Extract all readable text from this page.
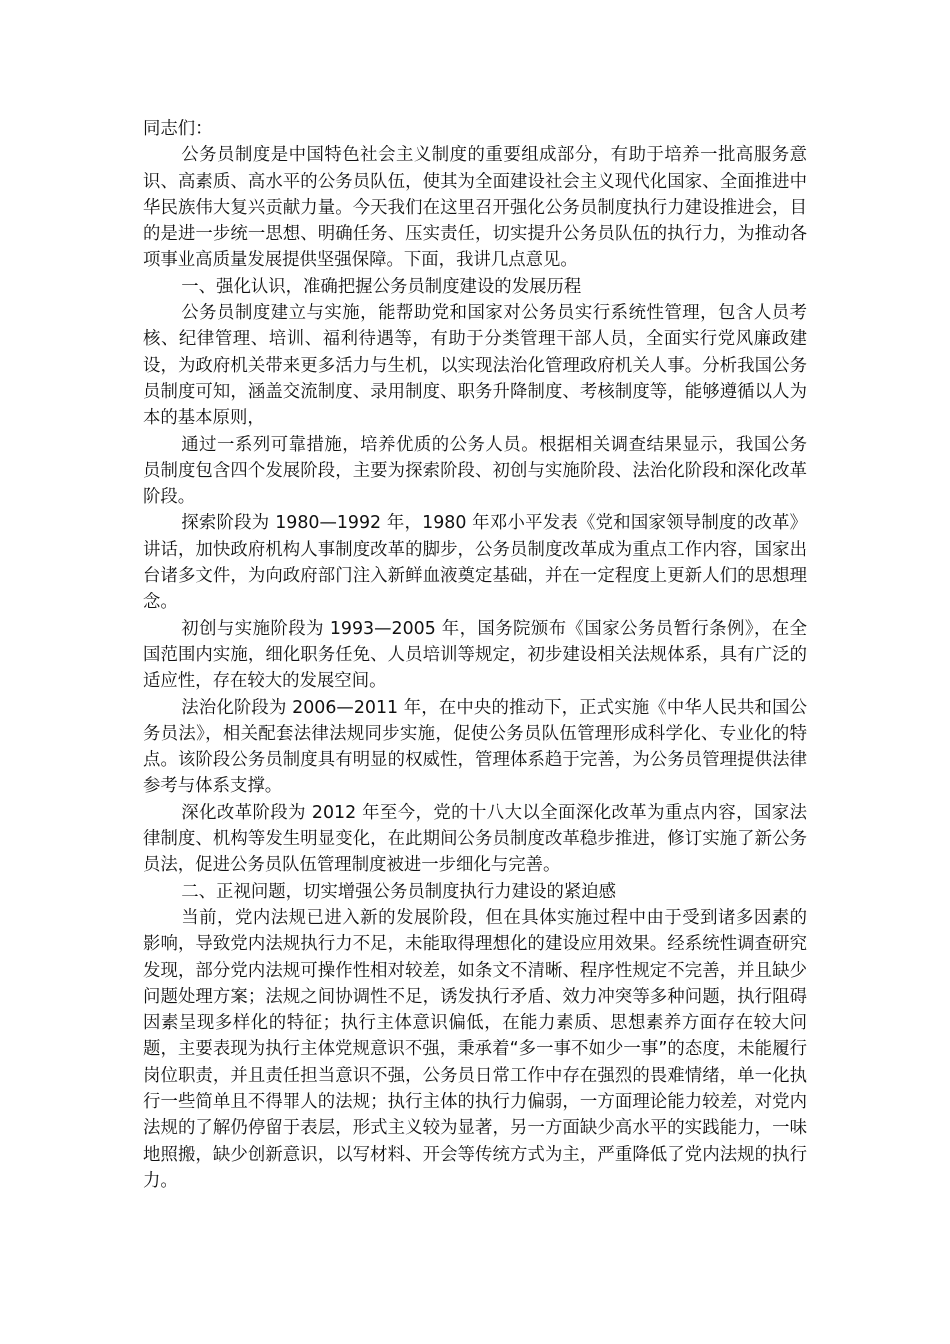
同志们：

公务员制度是中国特色社会主义制度的重要组成部分，有助于培养一批高服务意识、高素质、高水平的公务员队伍，使其为全面建设社会主义现代化国家、全面推进中华民族伟大复兴贡献力量。今天我们在这里召开强化公务员制度执行力建设推进会，目的是进一步统一思想、明确任务、压实责任，切实提升公务员队伍的执行力，为推动各项事业高质量发展提供坚强保障。下面，我讲几点意见。

一、强化认识，准确把握公务员制度建设的发展历程

公务员制度建立与实施，能帮助党和国家对公务员实行系统性管理，包含人员考核、纪律管理、培训、福利待遇等，有助于分类管理干部人员，全面实行党风廉政建设，为政府机关带来更多活力与生机，以实现法治化管理政府机关人事。分析我国公务员制度可知，涵盖交流制度、录用制度、职务升降制度、考核制度等，能够遵循以人为本的基本原则，

通过一系列可靠措施，培养优质的公务人员。根据相关调查结果显示，我国公务员制度包含四个发展阶段，主要为探索阶段、初创与实施阶段、法治化阶段和深化改革阶段。

探索阶段为 1980—1992 年，1980 年邓小平发表《党和国家领导制度的改革》讲话，加快政府机构人事制度改革的脚步，公务员制度改革成为重点工作内容，国家出台诸多文件，为向政府部门注入新鲜血液奠定基础，并在一定程度上更新人们的思想理念。

初创与实施阶段为 1993—2005 年，国务院颁布《国家公务员暂行条例》，在全国范围内实施，细化职务任免、人员培训等规定，初步建设相关法规体系，具有广泛的适应性，存在较大的发展空间。

法治化阶段为 2006—2011 年，在中央的推动下，正式实施《中华人民共和国公务员法》，相关配套法律法规同步实施，促使公务员队伍管理形成科学化、专业化的特点。该阶段公务员制度具有明显的权威性，管理体系趋于完善，为公务员管理提供法律参考与体系支撑。

深化改革阶段为 2012 年至今，党的十八大以全面深化改革为重点内容，国家法律制度、机构等发生明显变化，在此期间公务员制度改革稳步推进，修订实施了新公务员法，促进公务员队伍管理制度被进一步细化与完善。

二、正视问题，切实增强公务员制度执行力建设的紧迫感

当前，党内法规已进入新的发展阶段，但在具体实施过程中由于受到诸多因素的影响，导致党内法规执行力不足，未能取得理想化的建设应用效果。经系统性调查研究发现，部分党内法规可操作性相对较差，如条文不清晰、程序性规定不完善，并且缺少问题处理方案；法规之间协调性不足，诱发执行矛盾、效力冲突等多种问题，执行阻碍因素呈现多样化的特征；执行主体意识偏低，在能力素质、思想素养方面存在较大问题，主要表现为执行主体党规意识不强，秉承着“多一事不如少一事”的态度，未能履行岗位职责，并且责任担当意识不强，公务员日常工作中存在强烈的畏难情绪，单一化执行一些简单且不得罪人的法规；执行主体的执行力偏弱，一方面理论能力较差，对党内法规的了解仍停留于表层，形式主义较为显著，另一方面缺少高水平的实践能力，一味地照搬，缺少创新意识，以写材料、开会等传统方式为主，严重降低了党内法规的执行力。
